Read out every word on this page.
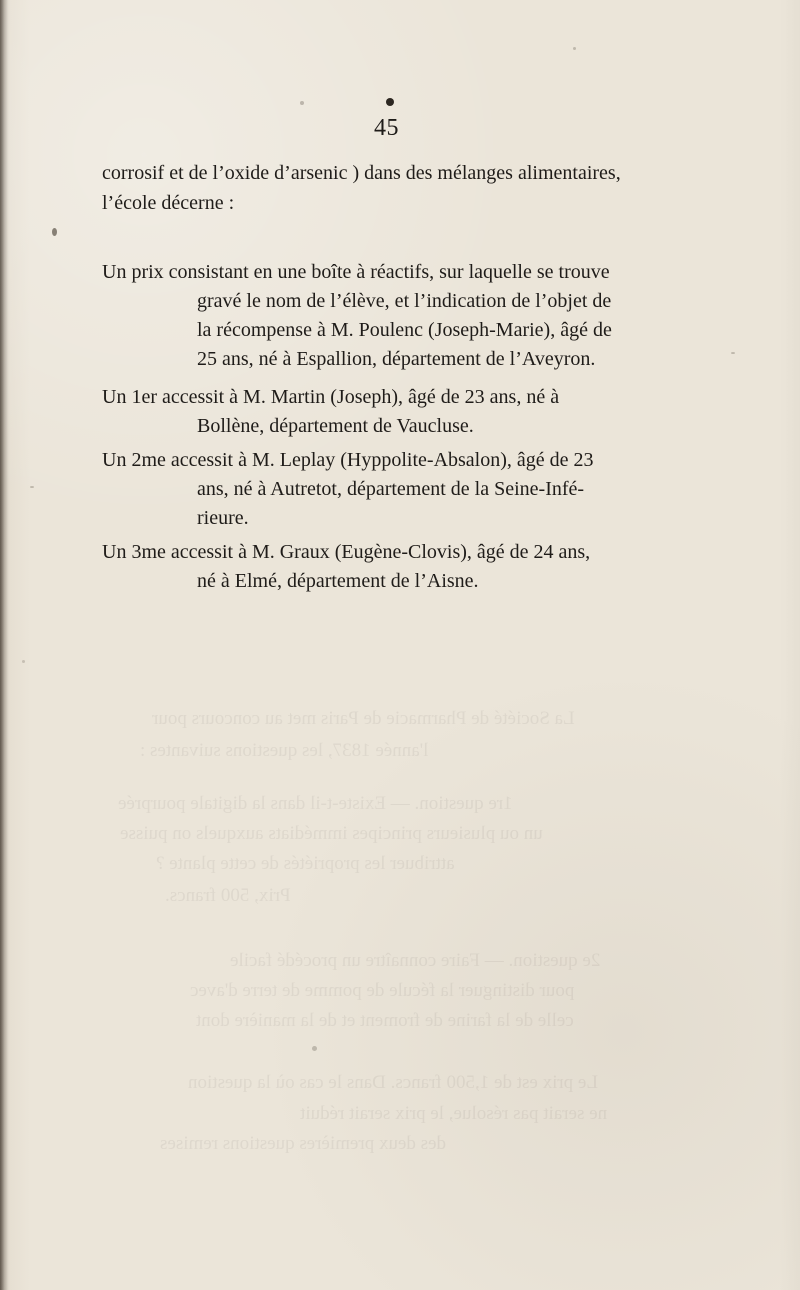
45
corrosif et de l’oxide d’arsenic ) dans des mélanges alimentaires,
l’école décerne :
Un prix consistant en une boîte à réactifs, sur laquelle se trouve
gravé le nom de l’élève, et l’indication de l’objet de
la récompense à M. Poulenc (Joseph-Marie), âgé de
25 ans, né à Espallion, département de l’Aveyron.
Un 1er accessit à M. Martin (Joseph), âgé de 23 ans, né à
Bollène, département de Vaucluse.
Un 2me accessit à M. Leplay (Hyppolite-Absalon), âgé de 23
ans, né à Autretot, département de la Seine-Infé-
rieure.
Un 3me accessit à M. Graux (Eugène-Clovis), âgé de 24 ans,
né à Elmé, département de l’Aisne.
La Société de Pharmacie de Paris met au concours pour
l'année 1837, les questions suivantes :
1re question. — Existe-t-il dans la digitale pourprée
un ou plusieurs principes immédiats auxquels on puisse
attribuer les propriétés de cette plante ?
Prix, 500 francs.
2e question. — Faire connaître un procédé facile
pour distinguer la fécule de pomme de terre d'avec
celle de la farine de froment et de la manière dont
Le prix est de 1,500 francs. Dans le cas où la question
ne serait pas résolue, le prix serait réduit
des deux premières questions remises
